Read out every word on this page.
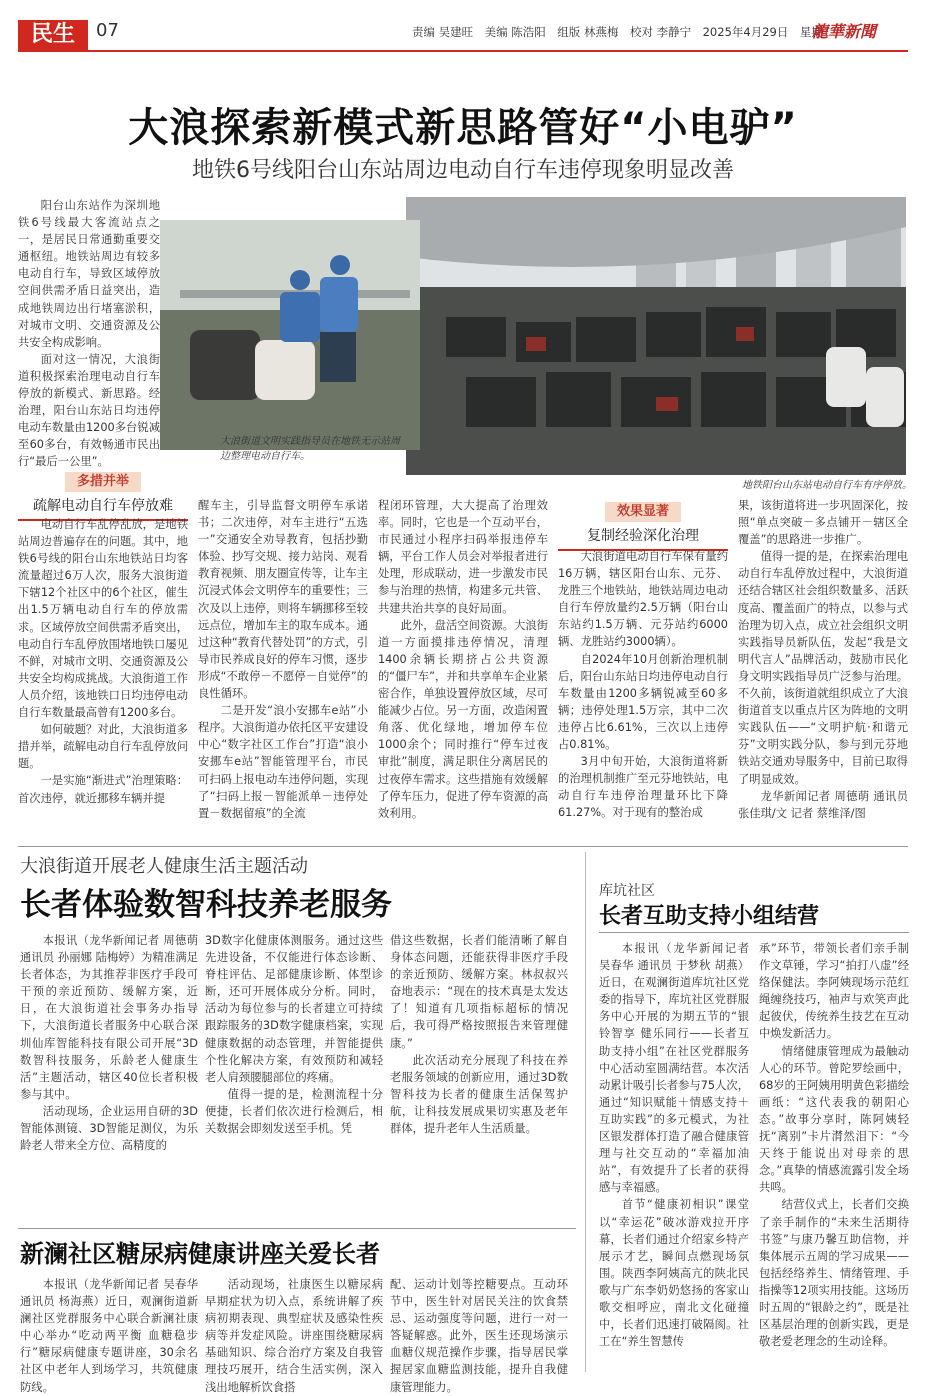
民生	07	责编 吴建旺　美编 陈浩阳　组版 林燕梅　校对 李静宁　2025年4月29日　星期二
龍華新聞
大浪探索新模式新思路管好“小电驴”
地铁6号线阳台山东站周边电动自行车违停现象明显改善
大浪街道文明实践指导员在地铁无示站周边整理电动自行车。
地铁阳台山东站电动自行车有序停放。

阳台山东站作为深圳地铁6号线最大客流站点之一，是居民日常通勤重要交通枢纽。地铁站周边有较多电动自行车，导致区域停放空间供需矛盾日益突出，造成地铁周边出行堵塞淤积，对城市文明、交通资源及公共安全构成影响。

面对这一情况，大浪街道积极探索治理电动自行车停放的新模式、新思路。经治理，阳台山东站日均违停电动车数量由1200多台锐减至60多台，有效畅通市民出行“最后一公里”。

多措并举
疏解电动自行车停放难

电动自行车乱停乱放，是地铁站周边普遍存在的问题。其中，地铁6号线的阳台山东地铁站日均客流量超过6万人次，服务大浪街道下辖12个社区中的6个社区，催生出1.5万辆电动自行车的停放需求。区域停放空间供需矛盾突出，电动自行车乱停放围堵地铁口屡见不鲜，对城市文明、交通资源及公共安全均构成挑战。大浪街道工作人员介绍，该地铁口日均违停电动自行车数量最高曾有1200多台。

如何破题？对此，大浪街道多措并举，疏解电动自行车乱停放问题。

一是实施“渐进式”治理策略：首次违停，就近挪移车辆并提

醒车主，引导监督文明停车承诺书；二次违停，对车主进行“五选一”交通安全劝导教育，包括抄勤体验、抄写交规、接力站岗、观看教育视频、朋友圈宣传等，让车主沉浸式体会文明停车的重要性；三次及以上违停，则将车辆挪移至较远点位，增加车主的取车成本。通过这种“教育代替处罚”的方式，引导市民养成良好的停车习惯，逐步形成“不敢停－不愿停－自觉停”的良性循环。

二是开发“浪小安挪车e站”小程序。大浪街道办依托区平安建设中心“数字社区工作台”打造“浪小安挪车e站”智能管理平台，市民可扫码上报电动车违停问题，实现了“扫码上报－智能派单－违停处置－数据留痕”的全流

程闭环管理，大大提高了治理效率。同时，它也是一个互动平台，市民通过小程序扫码举报违停车辆，平台工作人员会对举报者进行处理，形成联动，进一步激发市民参与治理的热情，构建多元共管、共建共治共享的良好局面。

此外，盘活空间资源。大浪街道一方面摸排违停情况，清理1400余辆长期挤占公共资源的“僵尸车”，并和共享单车企业紧密合作，单独设置停放区域，尽可能减少占位。另一方面，改造闲置角落、优化绿地，增加停车位1000余个；同时推行“停车过夜审批”制度，满足职住分离居民的过夜停车需求。这些措施有效缓解了停车压力，促进了停车资源的高效利用。

效果显著
复制经验深化治理

大浪街道电动自行车保有量约16万辆，辖区阳台山东、元芬、龙胜三个地铁站，地铁站周边电动自行车停放量约2.5万辆（阳台山东站约1.5万辆、元芬站约6000辆、龙胜站约3000辆）。

自2024年10月创新治理机制后，阳台山东站日均违停电动自行车数量由1200多辆锐减至60多辆；违停处理1.5万宗，其中二次违停占比6.61%，三次以上违停占0.81%。

3月中旬开始，大浪街道将新的治理机制推广至元芬地铁站，电动自行车违停治理量环比下降61.27%。对于现有的整治成

果，该街道将进一步巩固深化，按照“单点突破－多点铺开－辖区全覆盖”的思路进一步推广。

值得一提的是，在探索治理电动自行车乱停放过程中，大浪街道还结合辖区社会组织数量多、活跃度高、覆盖面广的特点，以参与式治理为切入点，成立社会组织文明实践指导员新队伍，发起“我是文明代言人”品牌活动，鼓励市民化身文明实践指导员广泛参与治理。不久前，该街道就组织成立了大浪街道首支以重点片区为阵地的文明实践队伍——“文明护航·和谐元芬”文明实践分队，参与到元芬地铁站交通劝导服务中，目前已取得了明显成效。

龙华新闻记者 周德萌 通讯员 张佳琪/文 记者 蔡维泽/图

大浪街道开展老人健康生活主题活动
长者体验数智科技养老服务

本报讯（龙华新闻记者 周德萌 通讯员 孙丽娜 陆梅婷）为精准满足长者体态，为其推荐非医疗手段可干预的亲近预防、缓解方案，近日，在大浪街道社会事务办指导下，大浪街道长者服务中心联合深圳仙库智能科技有限公司开展“3D数智科技服务，乐龄老人健康生活”主题活动，辖区40位长者积极参与其中。

活动现场，企业运用自研的3D智能体测镜、3D智能足测仪，为乐龄老人带来全方位、高精度的

3D数字化健康体测服务。通过这些先进设备，不仅能进行体态诊断、脊柱评估、足部健康诊断、体型诊断，还可开展体成分分析。同时，活动为每位参与的长者建立可持续跟踪服务的3D数字健康档案，实现健康数据的动态管理，并智能提供个性化解决方案，有效预防和减轻老人肩颈腰腿部位的疼痛。

值得一提的是，检测流程十分便捷，长者们依次进行检测后，相关数据会即刻发送至手机。凭

借这些数据，长者们能清晰了解自身体态问题，还能获得非医疗手段的亲近预防、缓解方案。林叔叔兴奋地表示：“现在的技术真是太发达了！知道有几项指标超标的情况后，我可得严格按照报告来管理健康。”

此次活动充分展现了科技在养老服务领域的创新应用，通过3D数智科技为长者的健康生活保驾护航，让科技发展成果切实惠及老年群体，提升老年人生活质量。

新澜社区糖尿病健康讲座关爱长者

本报讯（龙华新闻记者 吴春华 通讯员 杨海燕）近日，观澜街道新澜社区党群服务中心联合新澜社康中心举办“吃动两平衡 血糖稳步行”糖尿病健康专题讲座，30余名社区中老年人到场学习，共筑健康防线。

活动现场，社康医生以糖尿病早期症状为切入点，系统讲解了疾病初期表现、典型症状及感染性疾病等并发症风险。讲座围绕糖尿病基础知识、综合治疗方案及自我管理技巧展开，结合生活实例，深入浅出地解析饮食搭

配、运动计划等控糖要点。互动环节中，医生针对居民关注的饮食禁忌、运动强度等问题，进行一对一答疑解惑。此外，医生还现场演示血糖仪规范操作步骤，指导居民掌握居家血糖监测技能，提升自我健康管理能力。

库坑社区
长者互助支持小组结营

本报讯（龙华新闻记者 吴春华 通讯员 于梦秋 胡燕）近日，在观澜街道库坑社区党委的指导下，库坑社区党群服务中心开展的为期五节的“银铃智享 健乐同行——长者互助支持小组”在社区党群服务中心活动室圆满结营。本次活动累计吸引长者参与75人次，通过“知识赋能＋情感支持＋互助实践”的多元模式，为社区银发群体打造了融合健康管理与社交互动的“幸福加油站”，有效提升了长者的获得感与幸福感。

首节“健康初相识”课堂以“幸运花”破冰游戏拉开序幕，长者们通过介绍家乡特产展示才艺，瞬间点燃现场氛围。陕西李阿姨高亢的陕北民歌与广东李奶奶悠扬的客家山歌交相呼应，南北文化碰撞中，长者们迅速打破隔阂。社工在“养生智慧传

承”环节，带领长者们亲手制作文草锤，学习“拍打八虚”经络保健法。李阿姨现场示范红绳缠绕技巧，袖声与欢笑声此起彼伏，传统养生技艺在互动中焕发新活力。

情绪健康管理成为最触动人心的环节。曾陀罗绘画中，68岁的王阿姨用明黄色彩描绘画纸：“这代表我的朝阳心态。”故事分享时，陈阿姨轻抚“离别”卡片潸然泪下：“今天终于能说出对母亲的思念。”真挚的情感流露引发全场共鸣。

结营仪式上，长者们交换了亲手制作的“未来生活期待书签”与康乃馨互助信物，并集体展示五周的学习成果——包括经络养生、情绪管理、手指操等12项实用技能。这场历时五周的“银龄之约”，既是社区基层治理的创新实践，更是敬老爱老理念的生动诠释。
